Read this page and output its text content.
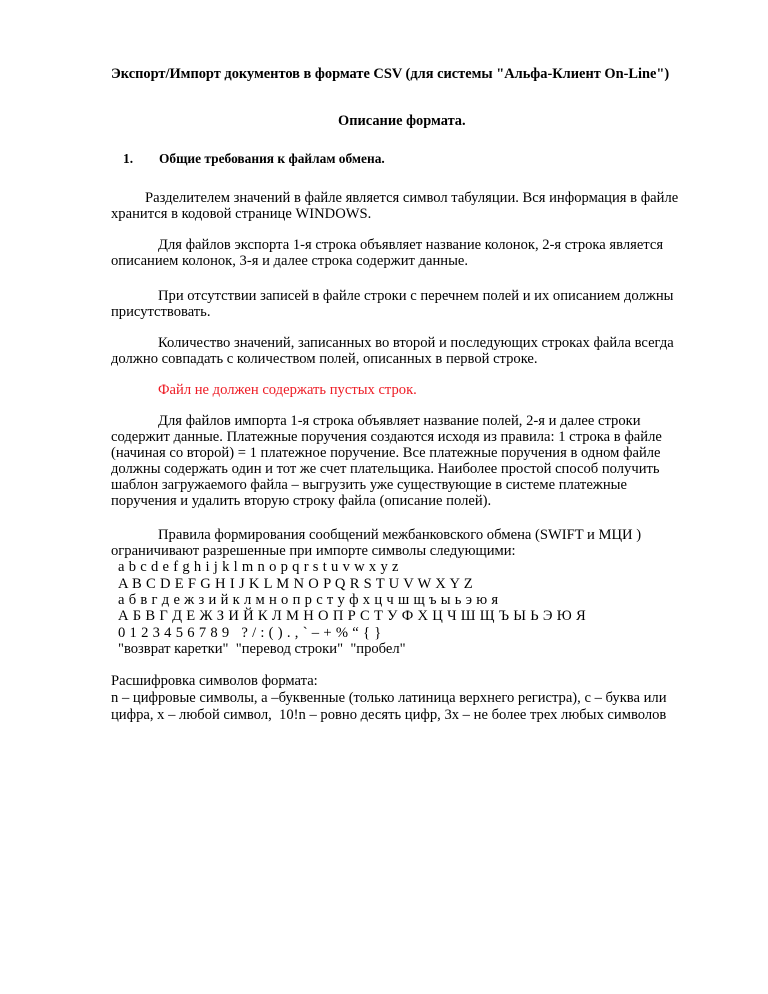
Экспорт/Импорт документов в формате CSV (для системы "Альфа-Клиент On-Line")
Описание формата.
1. Общие требования к файлам обмена.
Разделителем значений в файле является символ табуляции. Вся информация в файле
хранится в кодовой странице WINDOWS.
Для файлов экспорта 1-я строка объявляет название колонок, 2-я строка является
описанием колонок, 3-я и далее строка содержит данные.
При отсутствии записей в файле строки с перечнем полей и их описанием должны
присутствовать.
Количество значений, записанных во второй и последующих строках файла всегда
должно совпадать с количеством полей, описанных в первой строке.
Файл не должен содержать пустых строк.
Для файлов импорта 1-я строка объявляет название полей, 2-я и далее строки
содержит данные. Платежные поручения создаются исходя из правила: 1 строка в файле
(начиная со второй) = 1 платежное поручение. Все платежные поручения в одном файле
должны содержать один и тот же счет плательщика. Наиболее простой способ получить
шаблон загружаемого файла – выгрузить уже существующие в системе платежные
поручения и удалить вторую строку файла (описание полей).
Правила формирования сообщений межбанковского обмена (SWIFT и МЦИ )
ограничивают разрешенные при импорте символы следующими:
a b c d e f g h i j k l m n o p q r s t u v w x y z
A B C D E F G H I J K L M N O P Q R S T U V W X Y Z
а б в г д е ж з и й к л м н о п р с т у ф х ц ч ш щ ъ ы ь э ю я
А Б В Г Д Е Ж З И Й К Л М Н О П Р С Т У Ф Х Ц Ч Ш Щ Ъ Ы Ь Э Ю Я
0 1 2 3 4 5 6 7 8 9   ? / : ( ) . , ` – + % “ { }
"возврат каретки"  "перевод строки"  "пробел"
Расшифровка символов формата:
n – цифровые символы, a –буквенные (только латиница верхнего регистра), c – буква или
цифра, x – любой символ,  10!n – ровно десять цифр, 3x – не более трех любых символов
